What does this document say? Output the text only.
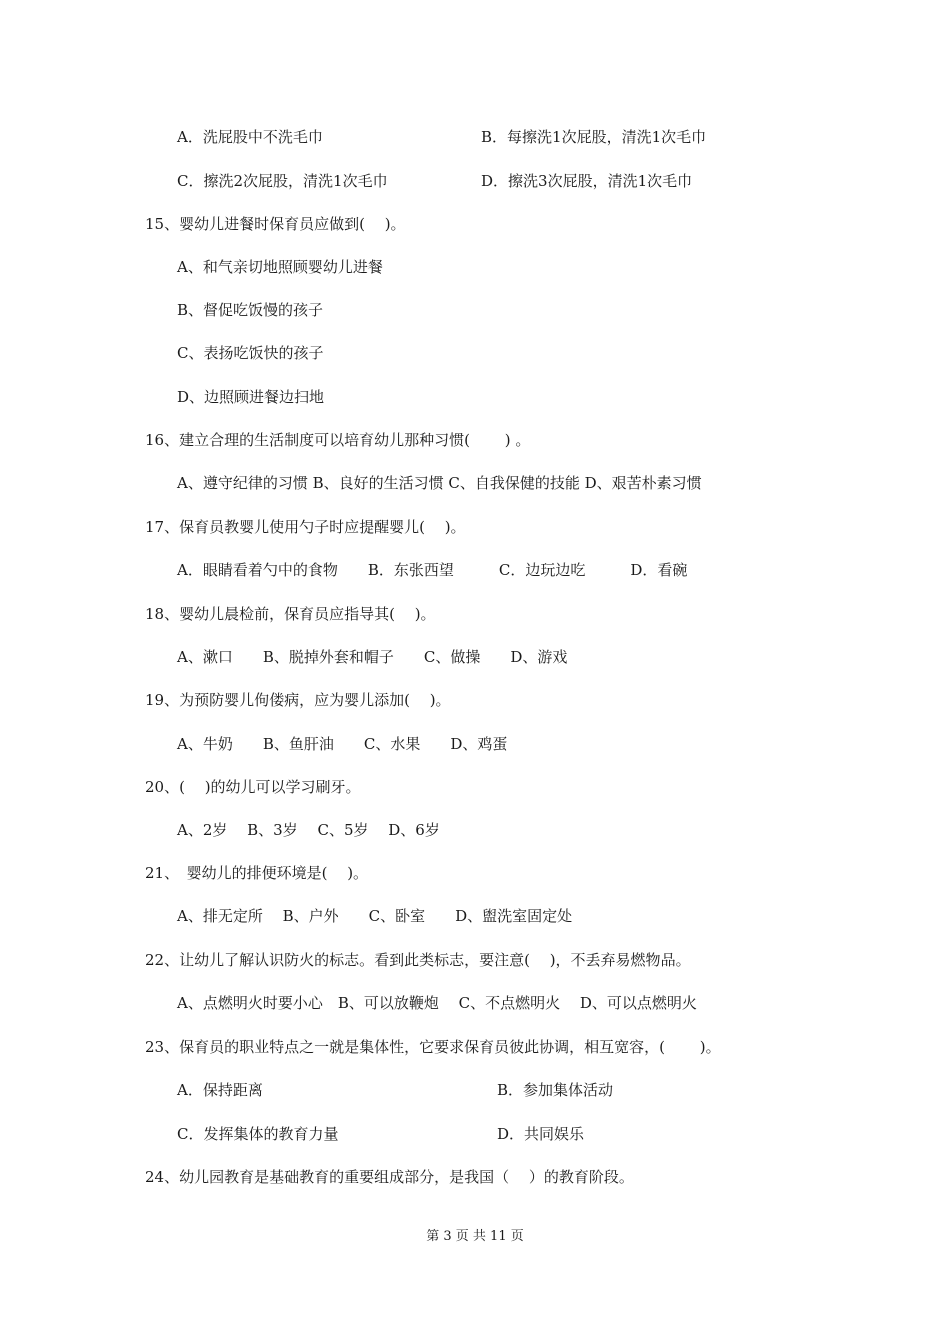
A．洗屁股中不洗毛巾	B．每擦洗1次屁股，清洗1次毛巾
C．擦洗2次屁股，清洗1次毛巾	D．擦洗3次屁股，清洗1次毛巾
15、婴幼儿进餐时保育员应做到(　 )。
A、和气亲切地照顾婴幼儿进餐
B、督促吃饭慢的孩子
C、表扬吃饭快的孩子
D、边照顾进餐边扫地
16、建立合理的生活制度可以培育幼儿那种习惯(　　 ) 。
A、遵守纪律的习惯 B、良好的生活习惯 C、自我保健的技能 D、艰苦朴素习惯
17、保育员教婴儿使用勺子时应提醒婴儿(　 )。
A．眼睛看着勺中的食物　　B．东张西望　　　C．边玩边吃　　　D．看碗
18、婴幼儿晨检前，保育员应指导其(　 )。
A、漱口　　B、脱掉外套和帽子　　C、做操　　D、游戏
19、为预防婴儿佝偻病，应为婴儿添加(　 )。
A、牛奶　　B、鱼肝油　　C、水果　　D、鸡蛋
20、(　 )的幼儿可以学习刷牙。
A、2岁　 B、3岁　 C、5岁　 D、6岁
21、　婴幼儿的排便环境是(　 )。
A、排无定所　 B、户外　　C、卧室　　D、盥洗室固定处
22、让幼儿了解认识防火的标志。看到此类标志，要注意(　 )，不丢弃易燃物品。
A、点燃明火时要小心　B、可以放鞭炮　 C、不点燃明火　 D、可以点燃明火
23、保育员的职业特点之一就是集体性，它要求保育员彼此协调，相互宽容，(　　 )。
A．保持距离	B．参加集体活动
C．发挥集体的教育力量	D．共同娱乐
24、幼儿园教育是基础教育的重要组成部分，是我国（　 ）的教育阶段。
第 3 页 共 11 页
